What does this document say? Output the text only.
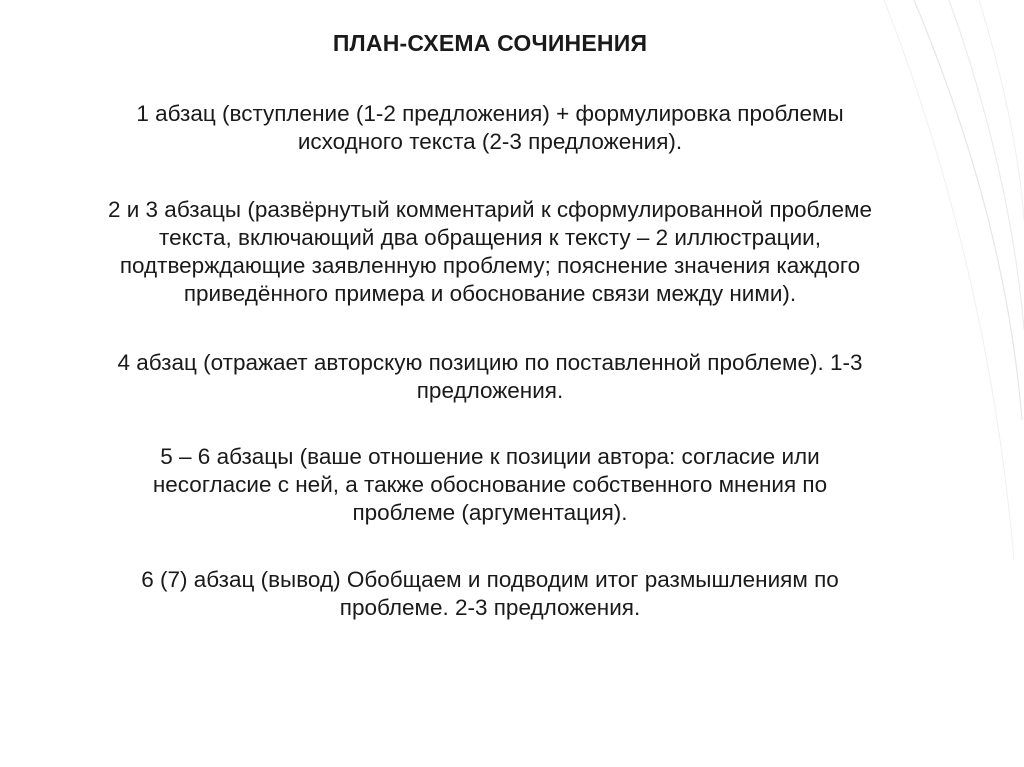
ПЛАН-СХЕМА СОЧИНЕНИЯ
1 абзац (вступление (1-2 предложения) + формулировка проблемы
исходного текста (2-3 предложения).
2 и 3 абзацы (развёрнутый комментарий к сформулированной проблеме
текста, включающий два обращения к тексту – 2 иллюстрации,
подтверждающие заявленную проблему; пояснение значения каждого
приведённого примера и обоснование связи между ними).
4 абзац (отражает авторскую позицию по поставленной проблеме). 1-3
предложения.
5 – 6 абзацы (ваше отношение к позиции автора: согласие или
несогласие с ней, а также обоснование собственного мнения по
проблеме (аргументация).
6 (7) абзац (вывод) Обобщаем и подводим итог размышлениям по
проблеме. 2-3 предложения.
